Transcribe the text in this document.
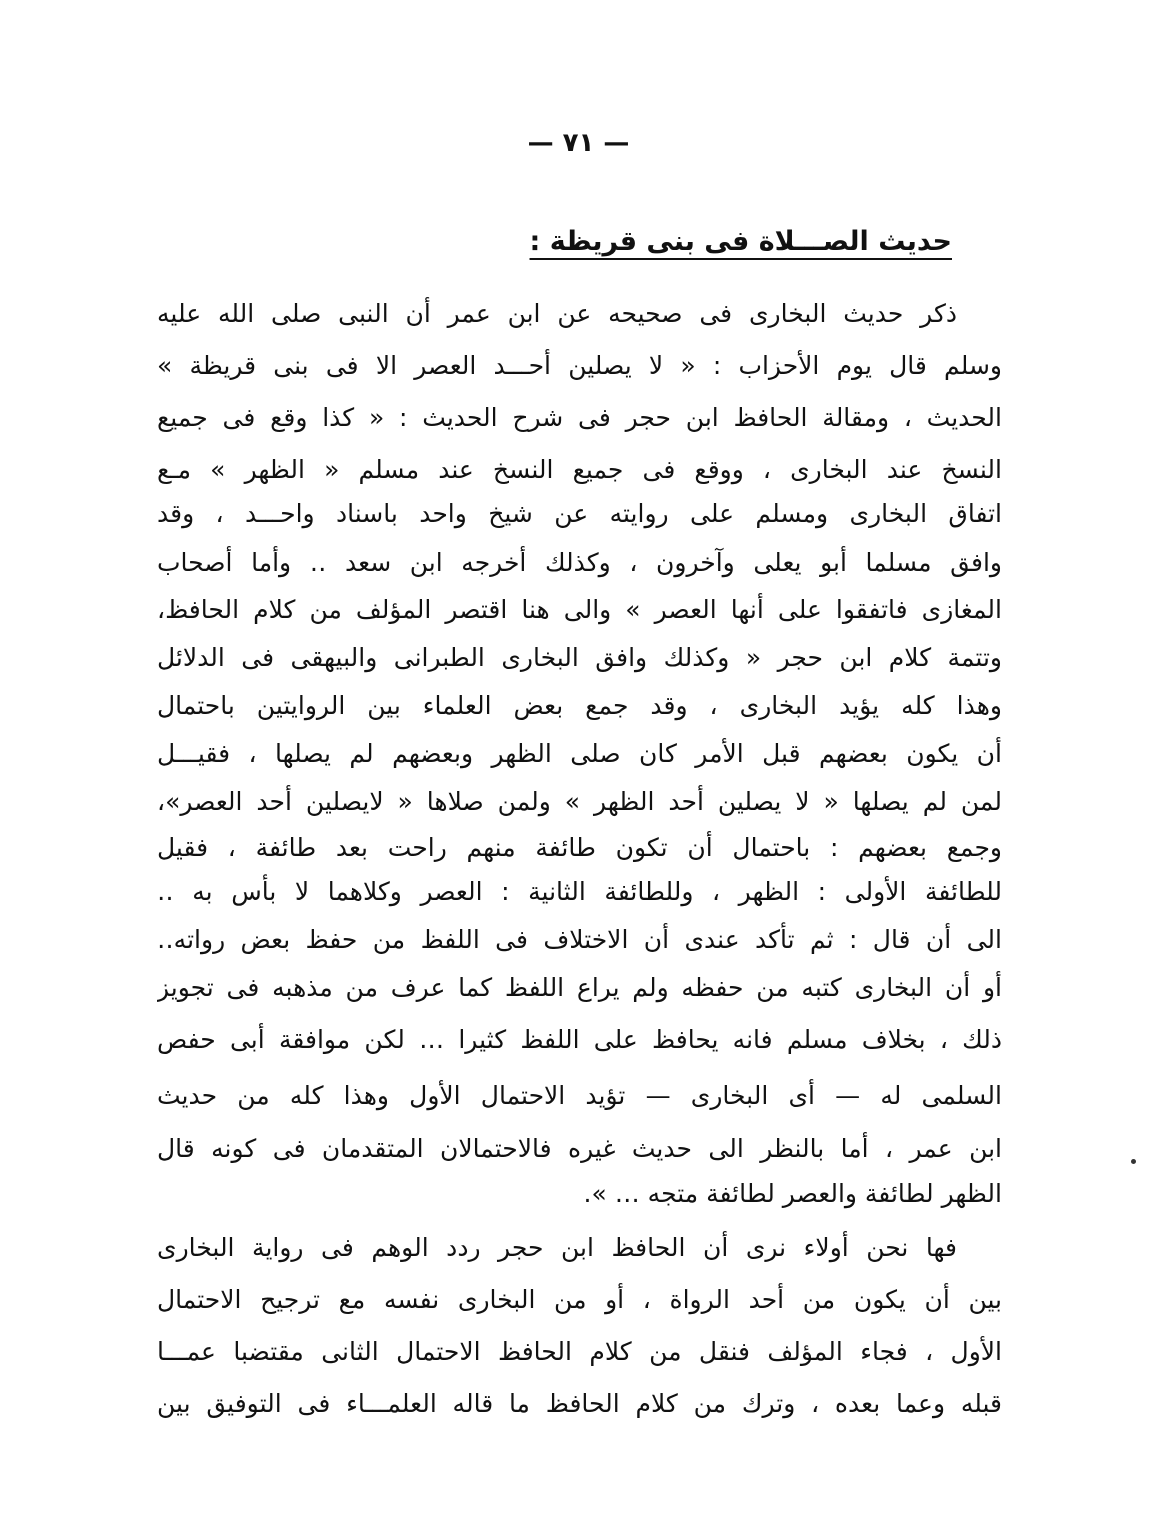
— ٧١ —
حديث الصـــلاة فى بنى قريظة :
ذكر حديث البخارى فى صحيحه عن ابن عمر أن النبى صلى الله عليه
وسلم قال يوم الأحزاب : « لا يصلين أحـــد العصر الا فى بنى قريظة »
الحديث ، ومقالة الحافظ ابن حجر فى شرح الحديث : « كذا وقع فى جميع
النسخ عند البخارى ، ووقع فى جميع النسخ عند مسلم « الظهر » مـع
اتفاق البخارى ومسلم على روايته عن شيخ واحد باسناد واحـــد ، وقد
وافق مسلما أبو يعلى وآخرون ، وكذلك أخرجه ابن سعد ‥ وأما أصحاب
المغازى فاتفقوا على أنها العصر » والى هنا اقتصر المؤلف من كلام الحافظ،
وتتمة كلام ابن حجر « وكذلك وافق البخارى الطبرانى والبيهقى فى الدلائل
وهذا كله يؤيد البخارى ، وقد جمع بعض العلماء بين الروايتين باحتمال
أن يكون بعضهم قبل الأمر كان صلى الظهر وبعضهم لم يصلها ، فقيـــل
لمن لم يصلها « لا يصلين أحد الظهر » ولمن صلاها « لايصلين أحد العصر»،
وجمع بعضهم : باحتمال أن تكون طائفة منهم راحت بعد طائفة ، فقيل
للطائفة الأولى : الظهر ، وللطائفة الثانية : العصر وكلاهما لا بأس به ‥
الى أن قال : ثم تأكد عندى أن الاختلاف فى اللفظ من حفظ بعض رواته‥
أو أن البخارى كتبه من حفظه ولم يراع اللفظ كما عرف من مذهبه فى تجويز
ذلك ، بخلاف مسلم فانه يحافظ على اللفظ كثيرا … لكن موافقة أبى حفص
السلمى له — أى البخارى — تؤيد الاحتمال الأول وهذا كله من حديث
ابن عمر ، أما بالنظر الى حديث غيره فالاحتمالان المتقدمان فى كونه قال
الظهر لطائفة والعصر لطائفة متجه … ».
فها نحن أولاء نرى أن الحافظ ابن حجر ردد الوهم فى رواية البخارى
بين أن يكون من أحد الرواة ، أو من البخارى نفسه مع ترجيح الاحتمال
الأول ، فجاء المؤلف فنقل من كلام الحافظ الاحتمال الثانى مقتضبا عمـــا
قبله وعما بعده ، وترك من كلام الحافظ ما قاله العلمـــاء فى التوفيق بين
